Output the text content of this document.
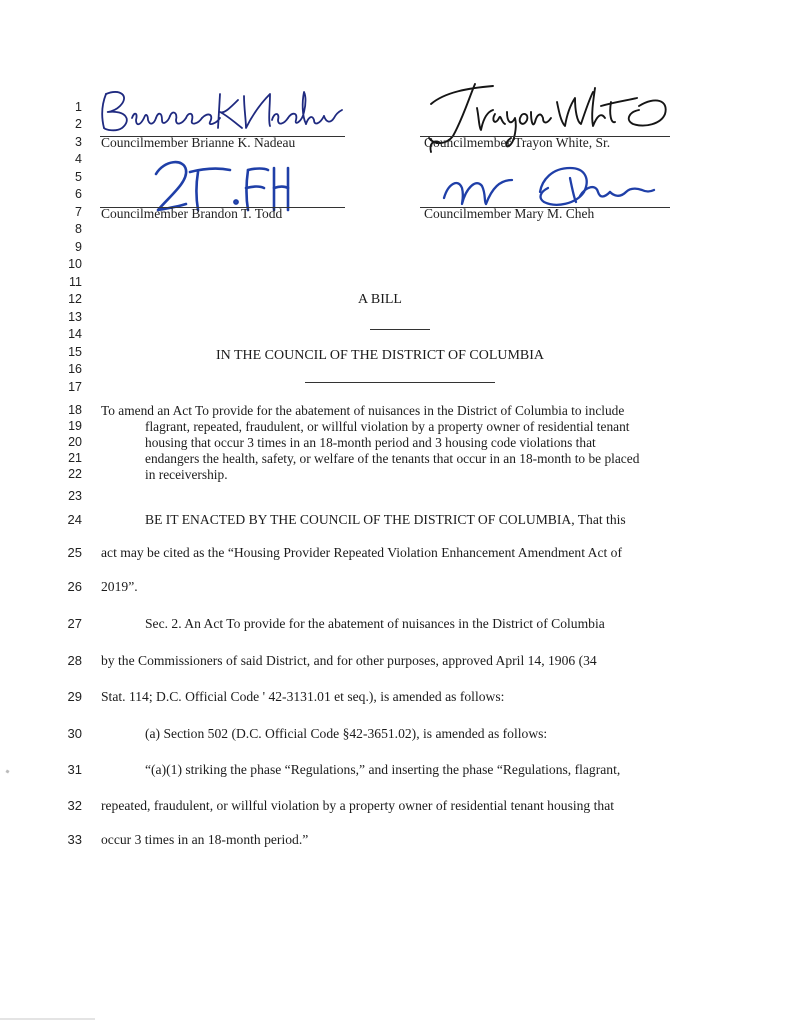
1
2
3
4
5
6
7
8
9
10
11
12
13
14
15
16
17
18
19
20
21
22
23
24
25
26
27
28
29
30
31
32
33
Councilmember Brianne K. Nadeau	Councilmember Trayon White, Sr.
Councilmember Brandon T. Todd	Councilmember Mary M. Cheh
A BILL
IN THE COUNCIL OF THE DISTRICT OF COLUMBIA
To amend an Act To provide for the abatement of nuisances in the District of Columbia to include
flagrant, repeated, fraudulent, or willful violation by a property owner of residential tenant
housing that occur 3 times in an 18-month period and 3 housing code violations that
endangers the health, safety, or welfare of the tenants that occur in an 18-month to be placed
in receivership.
BE IT ENACTED BY THE COUNCIL OF THE DISTRICT OF COLUMBIA, That this
act may be cited as the “Housing Provider Repeated Violation Enhancement Amendment Act of
2019”.
Sec. 2. An Act To provide for the abatement of nuisances in the District of Columbia
by the Commissioners of said District, and for other purposes, approved April 14, 1906 (34
Stat. 114; D.C. Official Code ' 42-3131.01 et seq.), is amended as follows:
(a) Section 502 (D.C. Official Code §42-3651.02), is amended as follows:
“(a)(1) striking the phase “Regulations,” and inserting the phase “Regulations, flagrant,
repeated, fraudulent, or willful violation by a property owner of residential tenant housing that
occur 3 times in an 18-month period.”
